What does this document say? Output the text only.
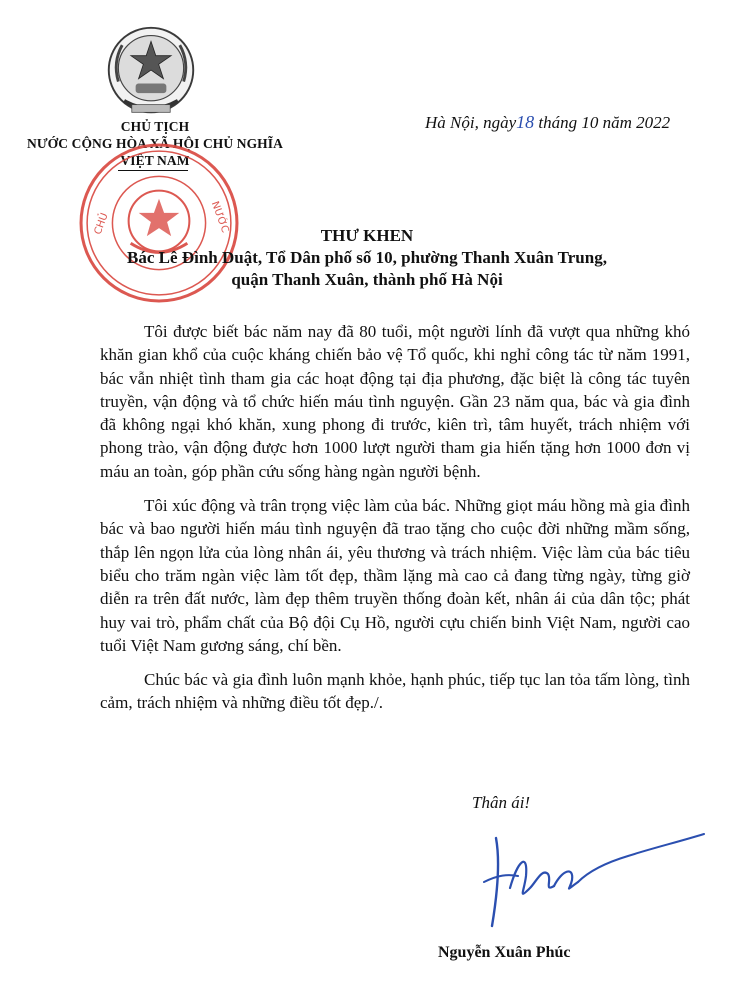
CHỦ TỊCH
NƯỚC CỘNG HÒA XÃ HỘI CHỦ NGHĨA
VIỆT NAM
CHỦ	NƯỚC
Hà Nội, ngày18 tháng 10 năm 2022
THƯ KHEN
Bác Lê Đình Duật, Tổ Dân phố số 10, phường Thanh Xuân Trung,
quận Thanh Xuân, thành phố Hà Nội

Tôi được biết bác năm nay đã 80 tuổi, một người lính đã vượt qua những khó khăn gian khổ của cuộc kháng chiến bảo vệ Tổ quốc, khi nghỉ công tác từ năm 1991, bác vẫn nhiệt tình tham gia các hoạt động tại địa phương, đặc biệt là công tác tuyên truyền, vận động và tổ chức hiến máu tình nguyện. Gần 23 năm qua, bác và gia đình đã không ngại khó khăn, xung phong đi trước, kiên trì, tâm huyết, trách nhiệm với phong trào, vận động được hơn 1000 lượt người tham gia hiến tặng hơn 1000 đơn vị máu an toàn, góp phần cứu sống hàng ngàn người bệnh.

Tôi xúc động và trân trọng việc làm của bác. Những giọt máu hồng mà gia đình bác và bao người hiến máu tình nguyện đã trao tặng cho cuộc đời những mầm sống, thắp lên ngọn lửa của lòng nhân ái, yêu thương và trách nhiệm. Việc làm của bác tiêu biểu cho trăm ngàn việc làm tốt đẹp, thầm lặng mà cao cả đang từng ngày, từng giờ diễn ra trên đất nước, làm đẹp thêm truyền thống đoàn kết, nhân ái của dân tộc; phát huy vai trò, phẩm chất của Bộ đội Cụ Hồ, người cựu chiến binh Việt Nam, người cao tuổi Việt Nam gương sáng, chí bền.

Chúc bác và gia đình luôn mạnh khỏe, hạnh phúc, tiếp tục lan tỏa tấm lòng, tình cảm, trách nhiệm và những điều tốt đẹp./.

Thân ái!
Nguyễn Xuân Phúc
